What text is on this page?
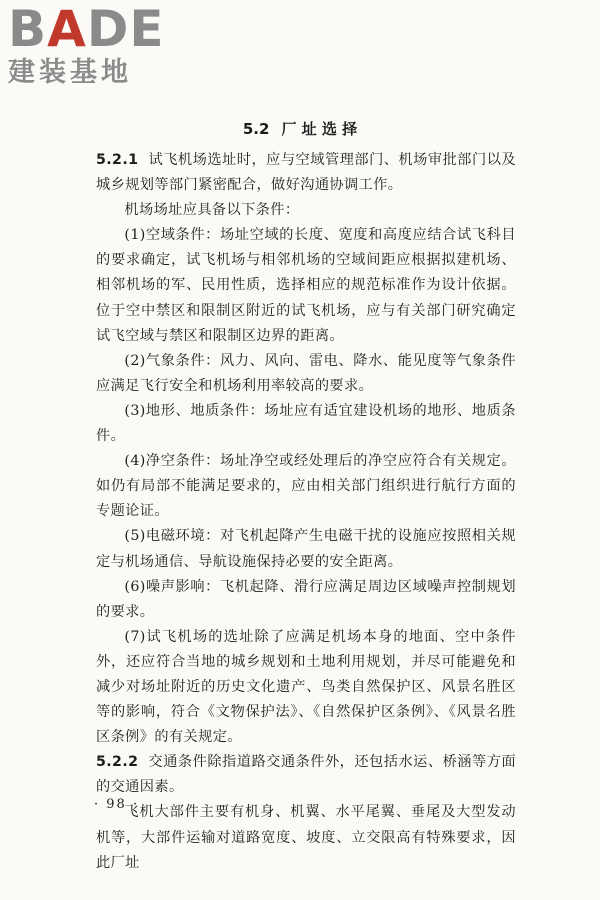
BADE
建装基地
5.2 厂 址 选 择

5.2.1 试飞机场选址时，应与空域管理部门、机场审批部门以及城乡规划等部门紧密配合，做好沟通协调工作。

机场场址应具备以下条件：

(1)空域条件：场址空域的长度、宽度和高度应结合试飞科目的要求确定，试飞机场与相邻机场的空域间距应根据拟建机场、相邻机场的军、民用性质，选择相应的规范标准作为设计依据。位于空中禁区和限制区附近的试飞机场，应与有关部门研究确定试飞空域与禁区和限制区边界的距离。

(2)气象条件：风力、风向、雷电、降水、能见度等气象条件应满足飞行安全和机场利用率较高的要求。

(3)地形、地质条件：场址应有适宜建设机场的地形、地质条件。

(4)净空条件：场址净空或经处理后的净空应符合有关规定。如仍有局部不能满足要求的，应由相关部门组织进行航行方面的专题论证。

(5)电磁环境：对飞机起降产生电磁干扰的设施应按照相关规定与机场通信、导航设施保持必要的安全距离。

(6)噪声影响：飞机起降、滑行应满足周边区域噪声控制规划的要求。

(7)试飞机场的选址除了应满足机场本身的地面、空中条件外，还应符合当地的城乡规划和土地利用规划，并尽可能避免和减少对场址附近的历史文化遗产、鸟类自然保护区、风景名胜区等的影响，符合《文物保护法》、《自然保护区条例》、《风景名胜区条例》的有关规定。

5.2.2 交通条件除指道路交通条件外，还包括水运、桥涵等方面的交通因素。

飞机大部件主要有机身、机翼、水平尾翼、垂尾及大型发动机等，大部件运输对道路宽度、坡度、立交限高有特殊要求，因此厂址

· 98 ·
